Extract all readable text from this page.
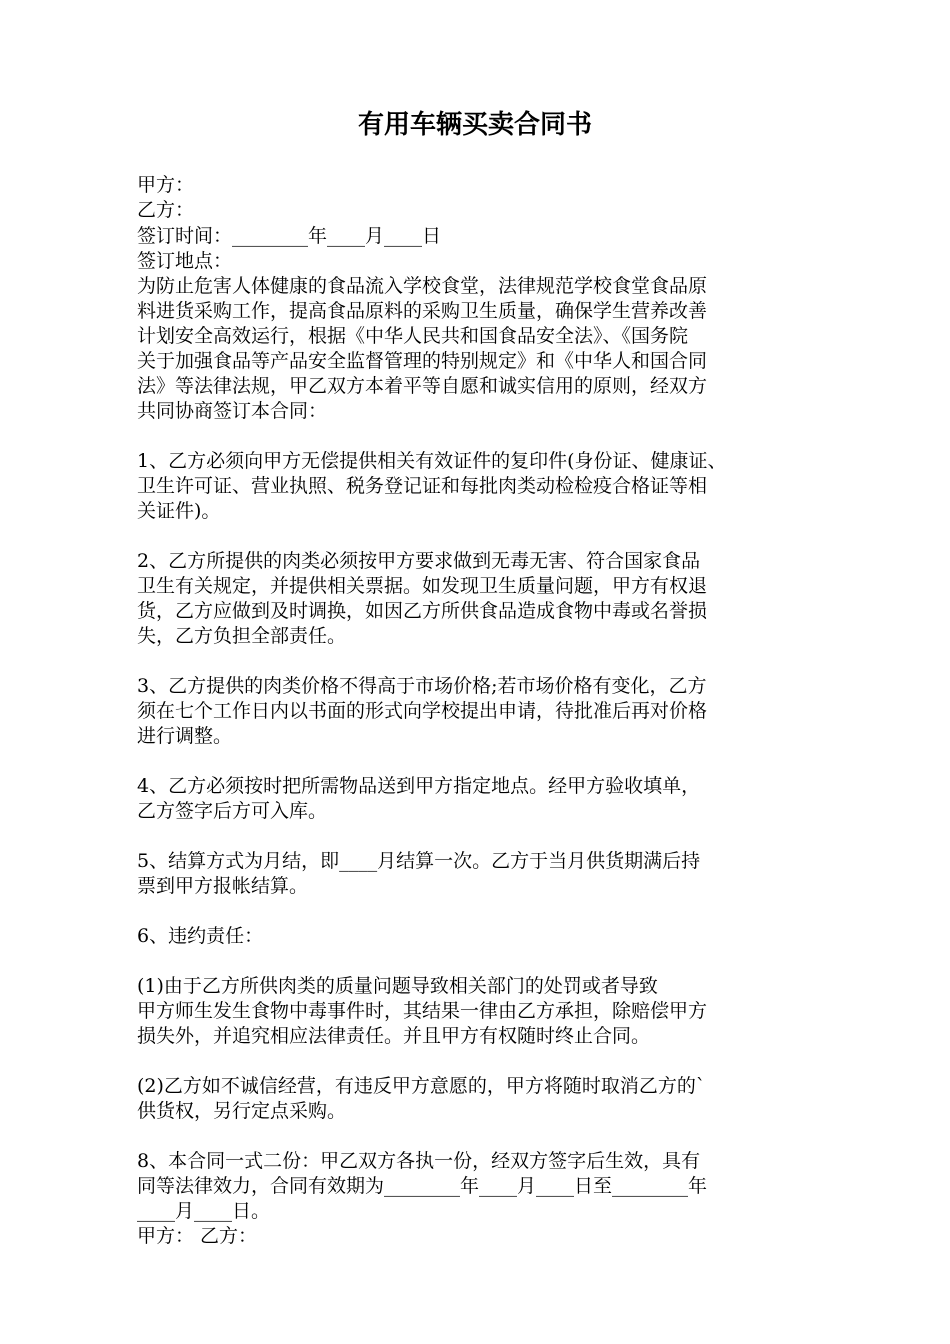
有用车辆买卖合同书
甲方：
乙方：
签订时间：________年____月____日
签订地点：
为防止危害人体健康的食品流入学校食堂，法律规范学校食堂食品原
料进货采购工作，提高食品原料的采购卫生质量，确保学生营养改善
计划安全高效运行，根据《中华人民共和国食品安全法》、《国务院
关于加强食品等产品安全监督管理的特别规定》和《中华人和国合同
法》等法律法规，甲乙双方本着平等自愿和诚实信用的原则，经双方
共同协商签订本合同：
1、乙方必须向甲方无偿提供相关有效证件的复印件(身份证、健康证、
卫生许可证、营业执照、税务登记证和每批肉类动检检疫合格证等相
关证件)。
2、乙方所提供的肉类必须按甲方要求做到无毒无害、符合国家食品
卫生有关规定，并提供相关票据。如发现卫生质量问题，甲方有权退
货，乙方应做到及时调换，如因乙方所供食品造成食物中毒或名誉损
失，乙方负担全部责任。
3、乙方提供的肉类价格不得高于市场价格;若市场价格有变化，乙方
须在七个工作日内以书面的形式向学校提出申请，待批准后再对价格
进行调整。
4、乙方必须按时把所需物品送到甲方指定地点。经甲方验收填单，
乙方签字后方可入库。
5、结算方式为月结，即____月结算一次。乙方于当月供货期满后持
票到甲方报帐结算。
6、违约责任：
(1)由于乙方所供肉类的质量问题导致相关部门的处罚或者导致
甲方师生发生食物中毒事件时，其结果一律由乙方承担，除赔偿甲方
损失外，并追究相应法律责任。并且甲方有权随时终止合同。
(2)乙方如不诚信经营，有违反甲方意愿的，甲方将随时取消乙方的`
供货权，另行定点采购。
8、本合同一式二份：甲乙双方各执一份，经双方签字后生效，具有
同等法律效力，合同有效期为________年____月____日至________年
____月____日。
甲方： 乙方：
